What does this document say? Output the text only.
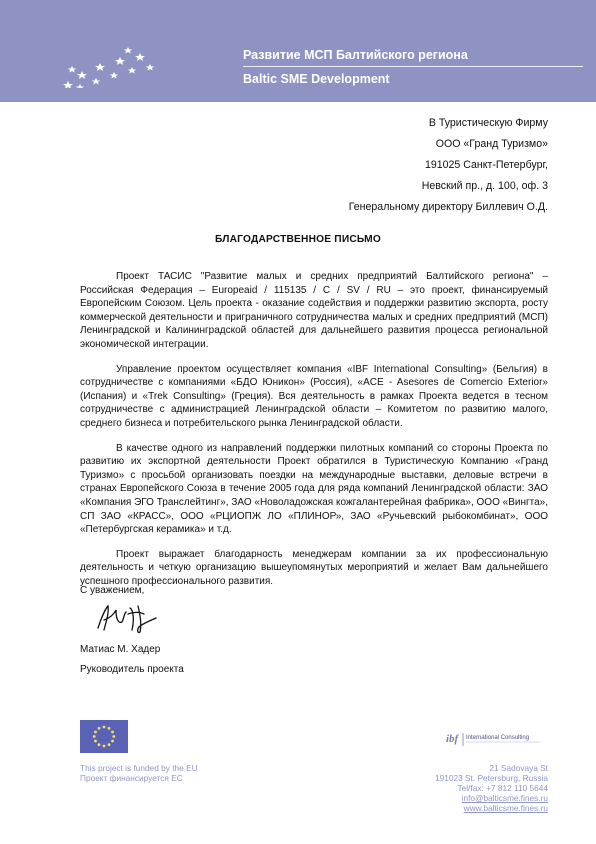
Развитие МСП Балтийского региона
Baltic SME Development
В Туристическую Фирму
ООО «Гранд Туризмо»
191025 Санкт-Петербург,
Невский пр., д. 100, оф. 3
Генеральному директору Биллевич О.Д.
БЛАГОДАРСТВЕННОЕ ПИСЬМО

Проект ТАСИС "Развитие малых и средних предприятий Балтийского региона" – Российская Федерация – Europeaid / 115135 / C / SV / RU – это проект, финансируемый Европейским Союзом. Цель проекта - оказание содействия и поддержки развитию экспорта, росту коммерческой деятельности и приграничного сотрудничества малых и средних предприятий (МСП) Ленинградской и Калининградской областей для дальнейшего развития процесса региональной экономической интеграции.

Управление проектом осуществляет компания «IBF International Consulting» (Бельгия) в сотрудничестве с компаниями «БДО Юникон» (Россия), «ACE - Asesores de Comercio Exterior» (Испания) и «Trek Consulting» (Греция). Вся деятельность в рамках Проекта ведется в тесном сотрудничестве с администрацией Ленинградской области – Комитетом по развитию малого, среднего бизнеса и потребительского рынка Ленинградской области.

В качестве одного из направлений поддержки пилотных компаний со стороны Проекта по развитию их экспортной деятельности Проект обратился в Туристическую Компанию «Гранд Туризмо» с просьбой организовать поездки на международные выставки, деловые встречи в странах Европейского Союза в течение 2005 года для ряда компаний Ленинградской области: ЗАО «Компания ЭГО Транслейтинг», ЗАО «Новоладожская кожгалантерейная фабрика», ООО «Вингта», СП ЗАО «КРАСС», ООО «РЦИОПЖ ЛО «ПЛИНОР», ЗАО «Ручьевский рыбокомбинат», ООО «Петербургская керамика» и т.д.

Проект выражает благодарность менеджерам компании за их профессиональную деятельность и четкую организацию вышеупомянутых мероприятий и желает Вам дальнейшего успешного профессионального развития.

С уважением,
Матиас М. Хадер
Руководитель проекта
ibf International Consulting
This project is funded by the EU
Проект финансируется ЕС
21 Sadovaya St
191023 St. Petersburg, Russia
Tel/fax: +7 812 110 5644
info@balticsme.fines.ru
www.balticsme.fines.ru
